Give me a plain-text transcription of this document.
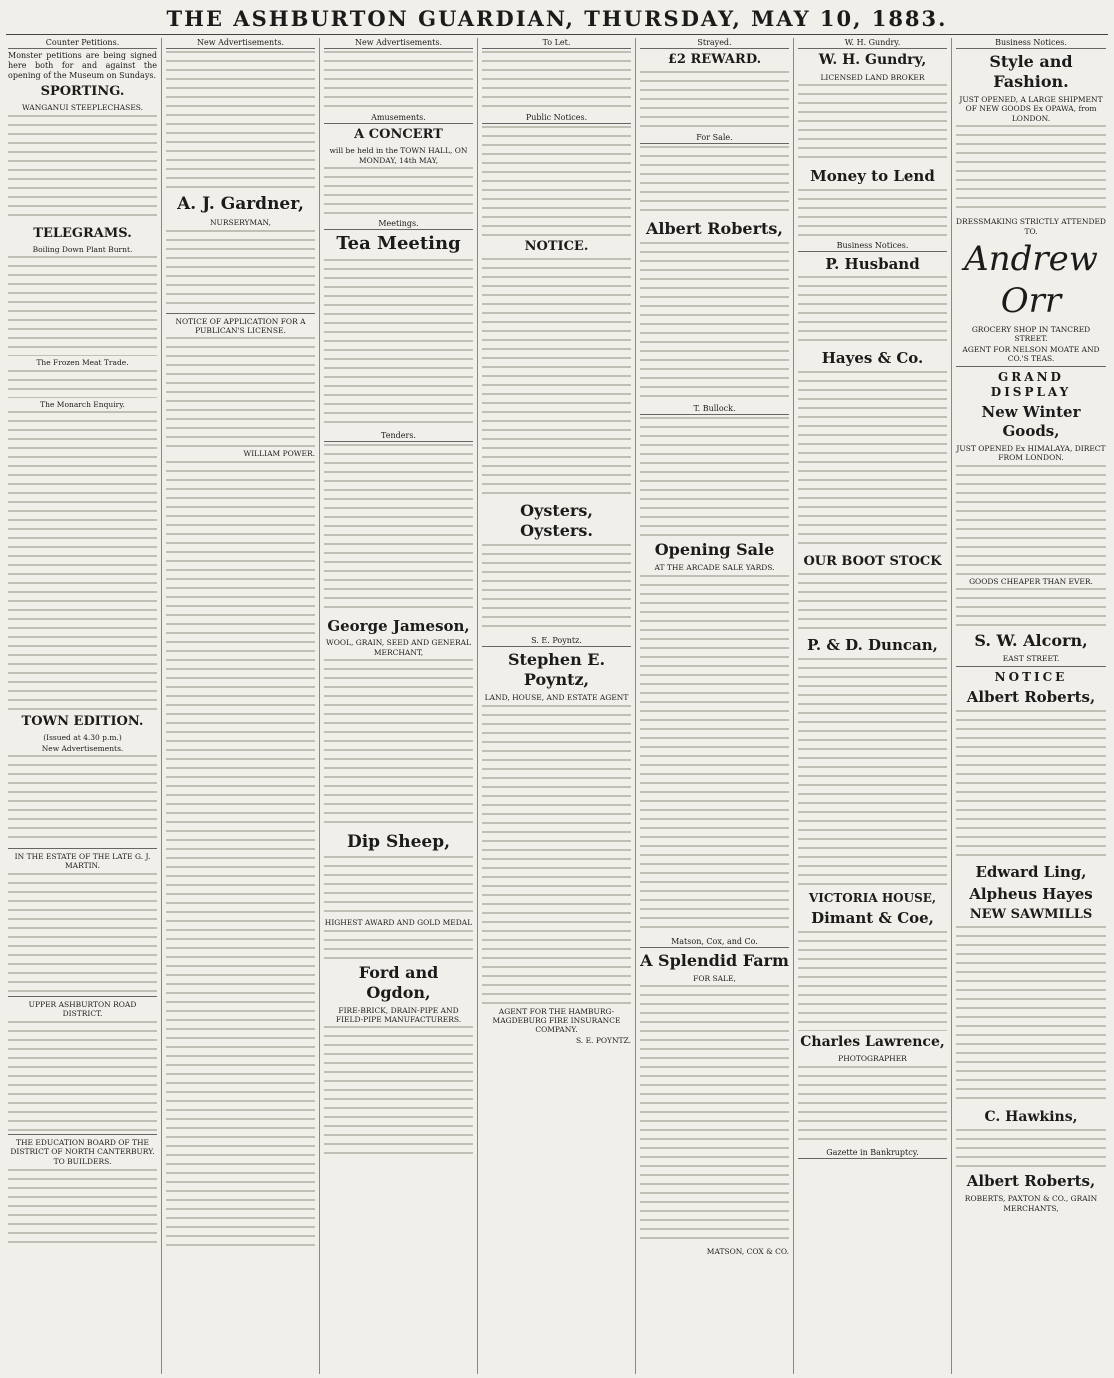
THE ASHBURTON GUARDIAN, THURSDAY, MAY 10, 1883.
Counter Petitions.
Monster petitions are being signed here both for and against the opening of the Museum on Sundays.
SPORTING.
WANGANUI STEEPLECHASES.
TELEGRAMS.
Boiling Down Plant Burnt.
The Frozen Meat Trade.
The Monarch Enquiry.
TOWN EDITION.
(Issued at 4.30 p.m.)
New Advertisements.
IN THE ESTATE OF THE LATE G. J. MARTIN.
UPPER ASHBURTON ROAD DISTRICT.
THE EDUCATION BOARD OF THE DISTRICT OF NORTH CANTERBURY.
TO BUILDERS.
New Advertisements.
A. J. Gardner,
NURSERYMAN,
NOTICE OF APPLICATION FOR A PUBLICAN'S LICENSE.
WILLIAM POWER.
New Advertisements.
Amusements.
A CONCERT
will be held in the TOWN HALL, ON MONDAY, 14th MAY,
Meetings.
Tea Meeting
Tenders.
George Jameson,
WOOL, GRAIN, SEED AND GENERAL MERCHANT,
Dip Sheep,
HIGHEST AWARD AND GOLD MEDAL
Ford and Ogdon,
FIRE-BRICK, DRAIN-PIPE AND FIELD-PIPE MANUFACTURERS.
To Let.
Public Notices.
NOTICE.
Oysters, Oysters.
S. E. Poyntz.
Stephen E. Poyntz,
LAND, HOUSE, AND ESTATE AGENT
AGENT FOR THE HAMBURG-MAGDEBURG FIRE INSURANCE COMPANY.
S. E. POYNTZ.
Strayed.
£2 REWARD.
For Sale.
Albert Roberts,
T. Bullock.
Opening Sale
AT THE ARCADE SALE YARDS.
Matson, Cox, and Co.
A Splendid Farm
FOR SALE,
MATSON, COX & CO.
W. H. Gundry.
W. H. Gundry,
LICENSED LAND BROKER
Money to Lend
Business Notices.
P. Husband
Hayes & Co.
OUR BOOT STOCK
P. & D. Duncan,
VICTORIA HOUSE,
Dimant & Coe,
Charles Lawrence,
PHOTOGRAPHER
Gazette in Bankruptcy.
Business Notices.
Style and Fashion.
JUST OPENED, A LARGE SHIPMENT OF NEW GOODS Ex OPAWA, from LONDON.
DRESSMAKING STRICTLY ATTENDED TO.
Andrew Orr
GROCERY SHOP IN TANCRED STREET.
AGENT FOR NELSON MOATE AND CO.'S TEAS.
GRAND DISPLAY
New Winter Goods,
JUST OPENED Ex HIMALAYA, DIRECT FROM LONDON.
GOODS CHEAPER THAN EVER.
S. W. Alcorn,
EAST STREET.
NOTICE
Albert Roberts,
Edward Ling,
Alpheus Hayes
NEW SAWMILLS
C. Hawkins,
Albert Roberts,
ROBERTS, PAXTON & CO., GRAIN MERCHANTS,
